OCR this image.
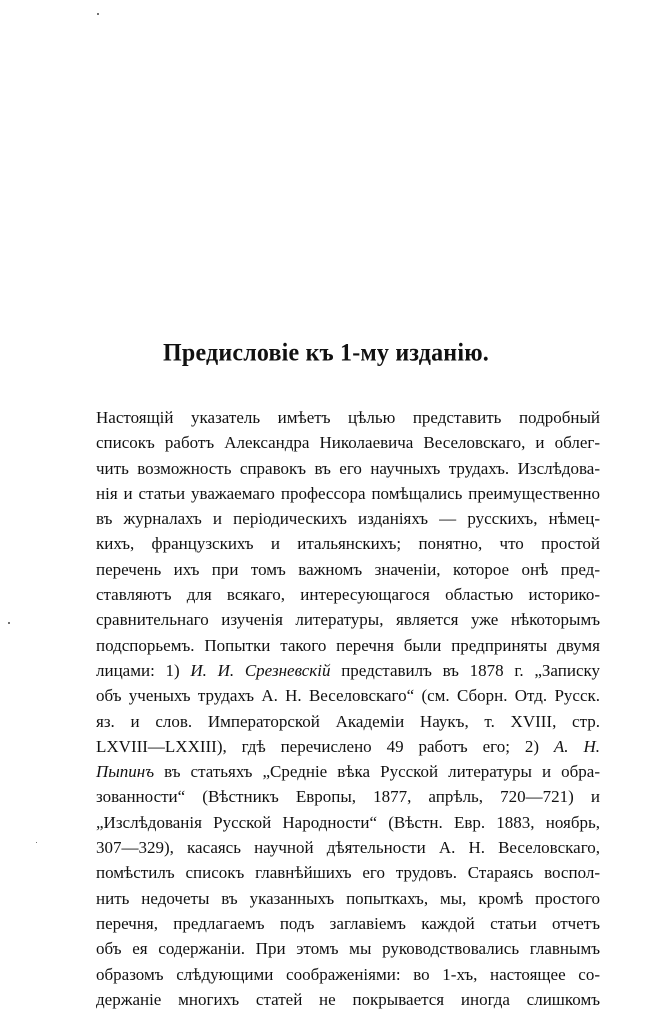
Предисловіе къ 1-му изданію.
Настоящій указатель имѣетъ цѣлью представить подробный
списокъ работъ Александра Николаевича Веселовскаго, и облег-
чить возможность справокъ въ его научныхъ трудахъ. Изслѣдова-
нія и статьи уважаемаго профессора помѣщались преимущественно
въ журналахъ и періодическихъ изданіяхъ — русскихъ, нѣмец-
кихъ, французскихъ и итальянскихъ; понятно, что простой
перечень ихъ при томъ важномъ значеніи, которое онѣ пред-
ставляютъ для всякаго, интересующагося областью историко-
сравнительнаго изученія литературы, является уже нѣкоторымъ
подспорьемъ. Попытки такого перечня были предприняты двумя
лицами: 1) И. И. Срезневскій представилъ въ 1878 г. „Записку
объ ученыхъ трудахъ А. Н. Веселовскаго“ (см. Сборн. Отд. Русск.
яз. и слов. Императорской Академіи Наукъ, т. XVIII, стр.
LXVIII—LXXIII), гдѣ перечислено 49 работъ его; 2) А. Н.
Пыпинъ въ статьяхъ „Средніе вѣка Русской литературы и обра-
зованности“ (Вѣстникъ Европы, 1877, апрѣль, 720—721) и
„Изслѣдованія Русской Народности“ (Вѣстн. Евр. 1883, ноябрь,
307—329), касаясь научной дѣятельности А. Н. Веселовскаго,
помѣстилъ списокъ главнѣйшихъ его трудовъ. Стараясь воспол-
нить недочеты въ указанныхъ попыткахъ, мы, кромѣ простого
перечня, предлагаемъ подъ заглавіемъ каждой статьи отчетъ
объ ея содержаніи. При этомъ мы руководствовались главнымъ
образомъ слѣдующими соображеніями: во 1-хъ, настоящее со-
держаніе многихъ статей не покрывается иногда слишкомъ
